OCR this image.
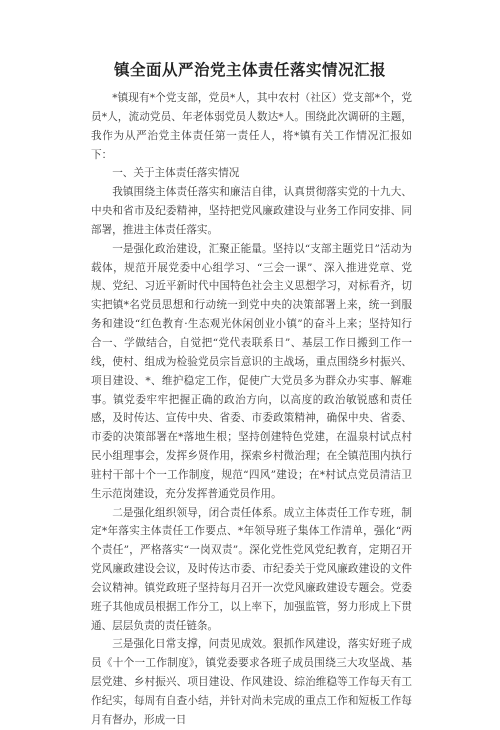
镇全面从严治党主体责任落实情况汇报

*镇现有*个党支部，党员*人，其中农村（社区）党支部*个，党员*人，流动党员、年老体弱党员人数达*人。围绕此次调研的主题，我作为从严治党主体责任第一责任人，将*镇有关工作情况汇报如下：

一、关于主体责任落实情况

我镇围绕主体责任落实和廉洁自律，认真贯彻落实党的十九大、中央和省市及纪委精神，坚持把党风廉政建设与业务工作同安排、同部署，推进主体责任落实。

一是强化政治建设，汇聚正能量。坚持以“支部主题党日”活动为载体，规范开展党委中心组学习、“三会一课”、深入推进党章、党规、党纪、习近平新时代中国特色社会主义思想学习，对标看齐，切实把镇*名党员思想和行动统一到党中央的决策部署上来，统一到服务和建设“红色教育·生态观光休闲创业小镇”的奋斗上来；坚持知行合一、学做结合，自觉把“党代表联系日”、基层工作日搬到工作一线，使村、组成为检验党员宗旨意识的主战场，重点围绕乡村振兴、项目建设、*、维护稳定工作，促使广大党员多为群众办实事、解难事。镇党委牢牢把握正确的政治方向，以高度的政治敏锐感和责任感，及时传达、宣传中央、省委、市委政策精神，确保中央、省委、市委的决策部署在*落地生根；坚持创建特色党建，在温泉村试点村民小组理事会，发挥乡贤作用，探索乡村微治理；在全镇范围内执行驻村干部十个一工作制度，规范“四风”建设；在*村试点党员清洁卫生示范岗建设，充分发挥普通党员作用。

二是强化组织领导，闭合责任体系。成立主体责任工作专班，制定*年落实主体责任工作要点、*年领导班子集体工作清单，强化“两个责任”，严格落实“一岗双责”。深化党性党风党纪教育，定期召开党风廉政建设会议，及时传达市委、市纪委关于党风廉政建设的文件会议精神。镇党政班子坚持每月召开一次党风廉政建设专题会。党委班子其他成员根据工作分工，以上率下，加强监管，努力形成上下贯通、层层负责的责任链条。

三是强化日常支撑，问责见成效。狠抓作风建设，落实好班子成员《十个一工作制度》，镇党委要求各班子成员围绕三大攻坚战、基层党建、乡村振兴、项目建设、作风建设、综治维稳等工作每天有工作纪实，每周有自查小结，并针对尚未完成的重点工作和短板工作每月有督办，形成一日
